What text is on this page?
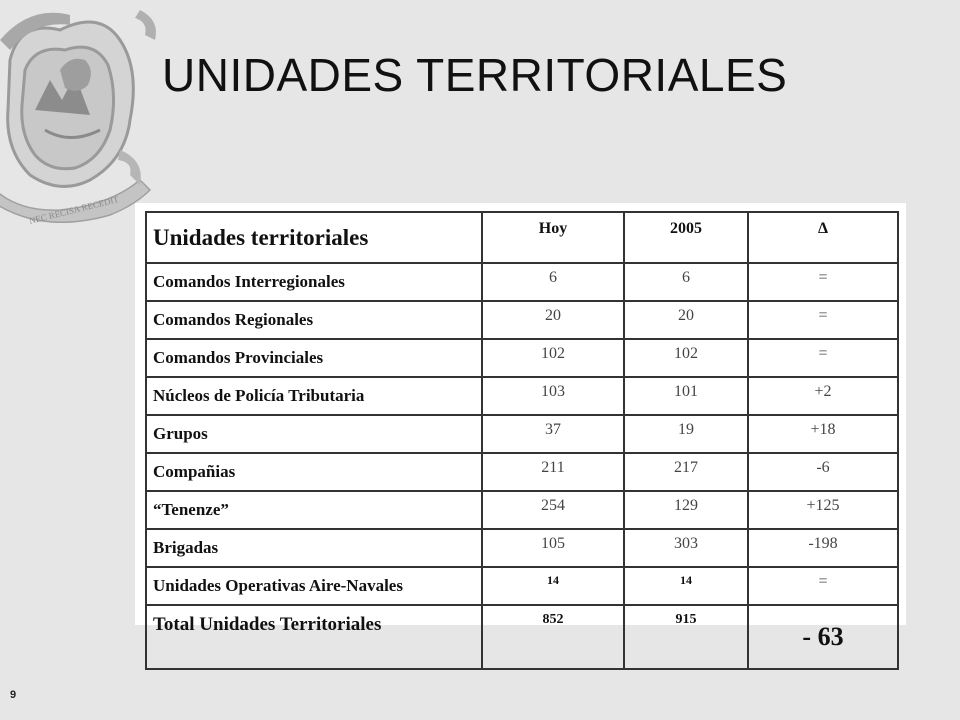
NEC RECISA RECEDIT
UNIDADES TERRITORIALES
Unidades territoriales	Hoy	2005	Δ
Comandos Interregionales	6	6	=
Comandos Regionales	20	20	=
Comandos Provinciales	102	102	=
Núcleos de Policía Tributaria	103	101	+2
Grupos	37	19	+18
Compañias	211	217	-6
“Tenenze”	254	129	+125
Brigadas	105	303	-198
Unidades Operativas Aire-Navales	14	14	=
Total Unidades Territoriales	852	915	- 63
9
